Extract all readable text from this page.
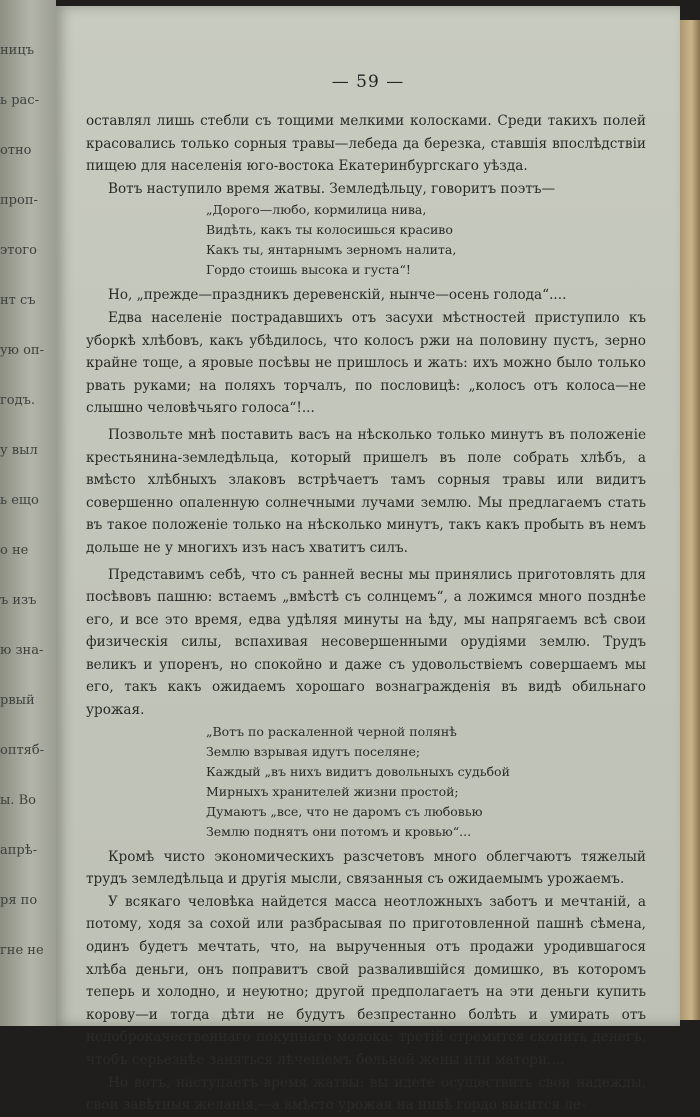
ницъ
ь рас-
отно
проп-
этого
нт съ
ую оп-
годъ.
у выл
ь ещо
о не
ъ изъ
ю зна-
рвый
оптяб-
ы. Во
апрѣ-
ря по
гне не
— 59 —

оставлял лишь стебли съ тощими мелкими колосками. Среди такихъ полей красовались только сорныя травы—лебеда да березка, ставшія впослѣдствіи пищею для населенія юго-востока Екатеринбургскаго уѣзда.

Вотъ наступило время жатвы. Земледѣльцу, говоритъ поэтъ—

„Дорого—любо, кормилица нива,
Видѣть, какъ ты колосишься красиво
Какъ ты, янтарнымъ зерномъ налита,
Гордо стоишь высока и густа“!

Но, „прежде—праздникъ деревенскій, нынче—осень голода“....

Едва населеніе пострадавшихъ отъ засухи мѣстностей приступило къ уборкѣ хлѣбовъ, какъ убѣдилось, что колосъ ржи на половину пустъ, зерно крайне тоще, а яровые посѣвы не пришлось и жать: ихъ можно было только рвать руками; на поляхъ торчалъ, по пословицѣ: „колосъ отъ колоса—не слышно человѣчьяго голоса“!...

Позвольте мнѣ поставить васъ на нѣсколько только минутъ въ положеніе крестьянина-земледѣльца, который пришелъ въ поле собрать хлѣбъ, а вмѣсто хлѣбныхъ злаковъ встрѣчаетъ тамъ сорныя травы или видитъ совершенно опаленную солнечными лучами землю. Мы предлагаемъ стать въ такое положеніе только на нѣсколько минутъ, такъ какъ пробыть въ немъ дольше не у многихъ изъ насъ хватитъ силъ.

Представимъ себѣ, что съ ранней весны мы принялись приготовлять для посѣвовъ пашню: встаемъ „вмѣстѣ съ солнцемъ“, а ложимся много позднѣе его, и все это время, едва удѣляя минуты на ѣду, мы напрягаемъ всѣ свои физическія силы, вспахивая несовершенными орудіями землю. Трудъ великъ и упоренъ, но спокойно и даже съ удовольствіемъ совершаемъ мы его, такъ какъ ожидаемъ хорошаго вознагражденія въ видѣ обильнаго урожая.

„Вотъ по раскаленной черной полянѣ
Землю взрывая идутъ поселяне;
Каждый „въ нихъ видитъ довольныхъ судьбой
Мирныхъ хранителей жизни простой;
Думаютъ „все, что не даромъ съ любовью
Землю поднятъ они потомъ и кровью“...

Кромѣ чисто экономическихъ разсчетовъ много облегчаютъ тяжелый трудъ земледѣльца и другія мысли, связанныя съ ожидаемымъ урожаемъ.

У всякаго человѣка найдется масса неотложныхъ заботъ и мечтаній, а потому, ходя за сохой или разбрасывая по приготовленной пашнѣ сѣмена, одинъ будетъ мечтать, что, на вырученныя отъ продажи уродившагося хлѣба деньги, онъ поправитъ свой развалившійся домишко, въ которомъ теперь и холодно, и неуютно; другой предполагаетъ на эти деньги купить корову—и тогда дѣти не будутъ безпрестанно болѣть и умирать отъ недоброкачественнаго покупнаго молока; третій стремится скопить денегъ, чтобъ серьезнѣе заняться лѣченіемъ больной жены или матери....

Но вотъ, наступаетъ время жатвы: вы идете осуществить свои надежды, свои завѣтныя желанія,—а вмѣсто урожая на нивѣ гордо высится ле-
